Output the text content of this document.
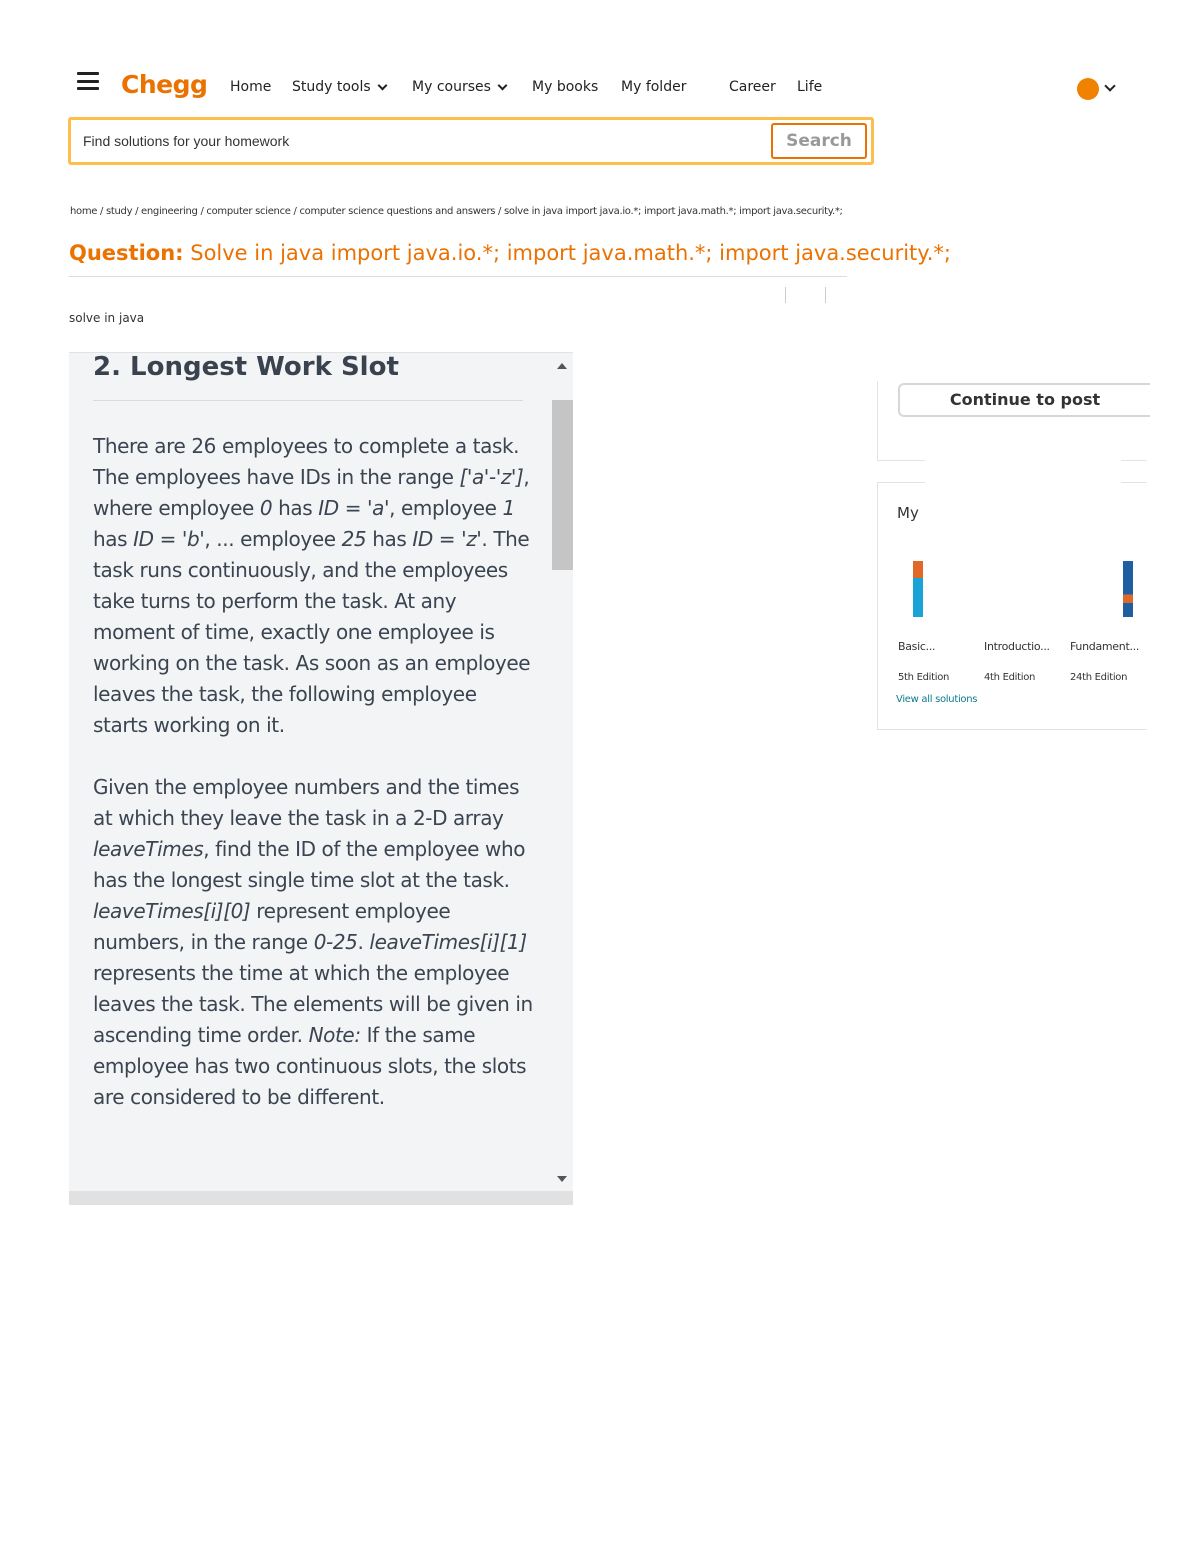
Chegg Home Study tools	My courses	My books My folder	Career Life
Find solutions for your homework
Search
home / study / engineering / computer science / computer science questions and answers / solve in java import java.io.*; import java.math.*; import java.security.*;
Question: Solve in java import java.io.*; import java.math.*; import java.security.*;
solve in java
2. Longest Work Slot

There are 26 employees to complete a task. The employees have IDs in the range ['a'-'z'], where employee 0 has ID = 'a', employee 1 has ID = 'b', ... employee 25 has ID = 'z'. The task runs continuously, and the employees take turns to perform the task. At any moment of time, exactly one employee is working on the task. As soon as an employee leaves the task, the following employee starts working on it.

Given the employee numbers and the times at which they leave the task in a 2-D array leaveTimes, find the ID of the employee who has the longest single time slot at the task. leaveTimes[i][0] represent employee numbers, in the range 0-25. leaveTimes[i][1] represents the time at which the employee leaves the task. The elements will be given in ascending time order. Note: If the same employee has two continuous slots, the slots are considered to be different.

Continue to post
My
Basic...	Introductio...	Fundament...
5th Edition	4th Edition	24th Edition
View all solutions
